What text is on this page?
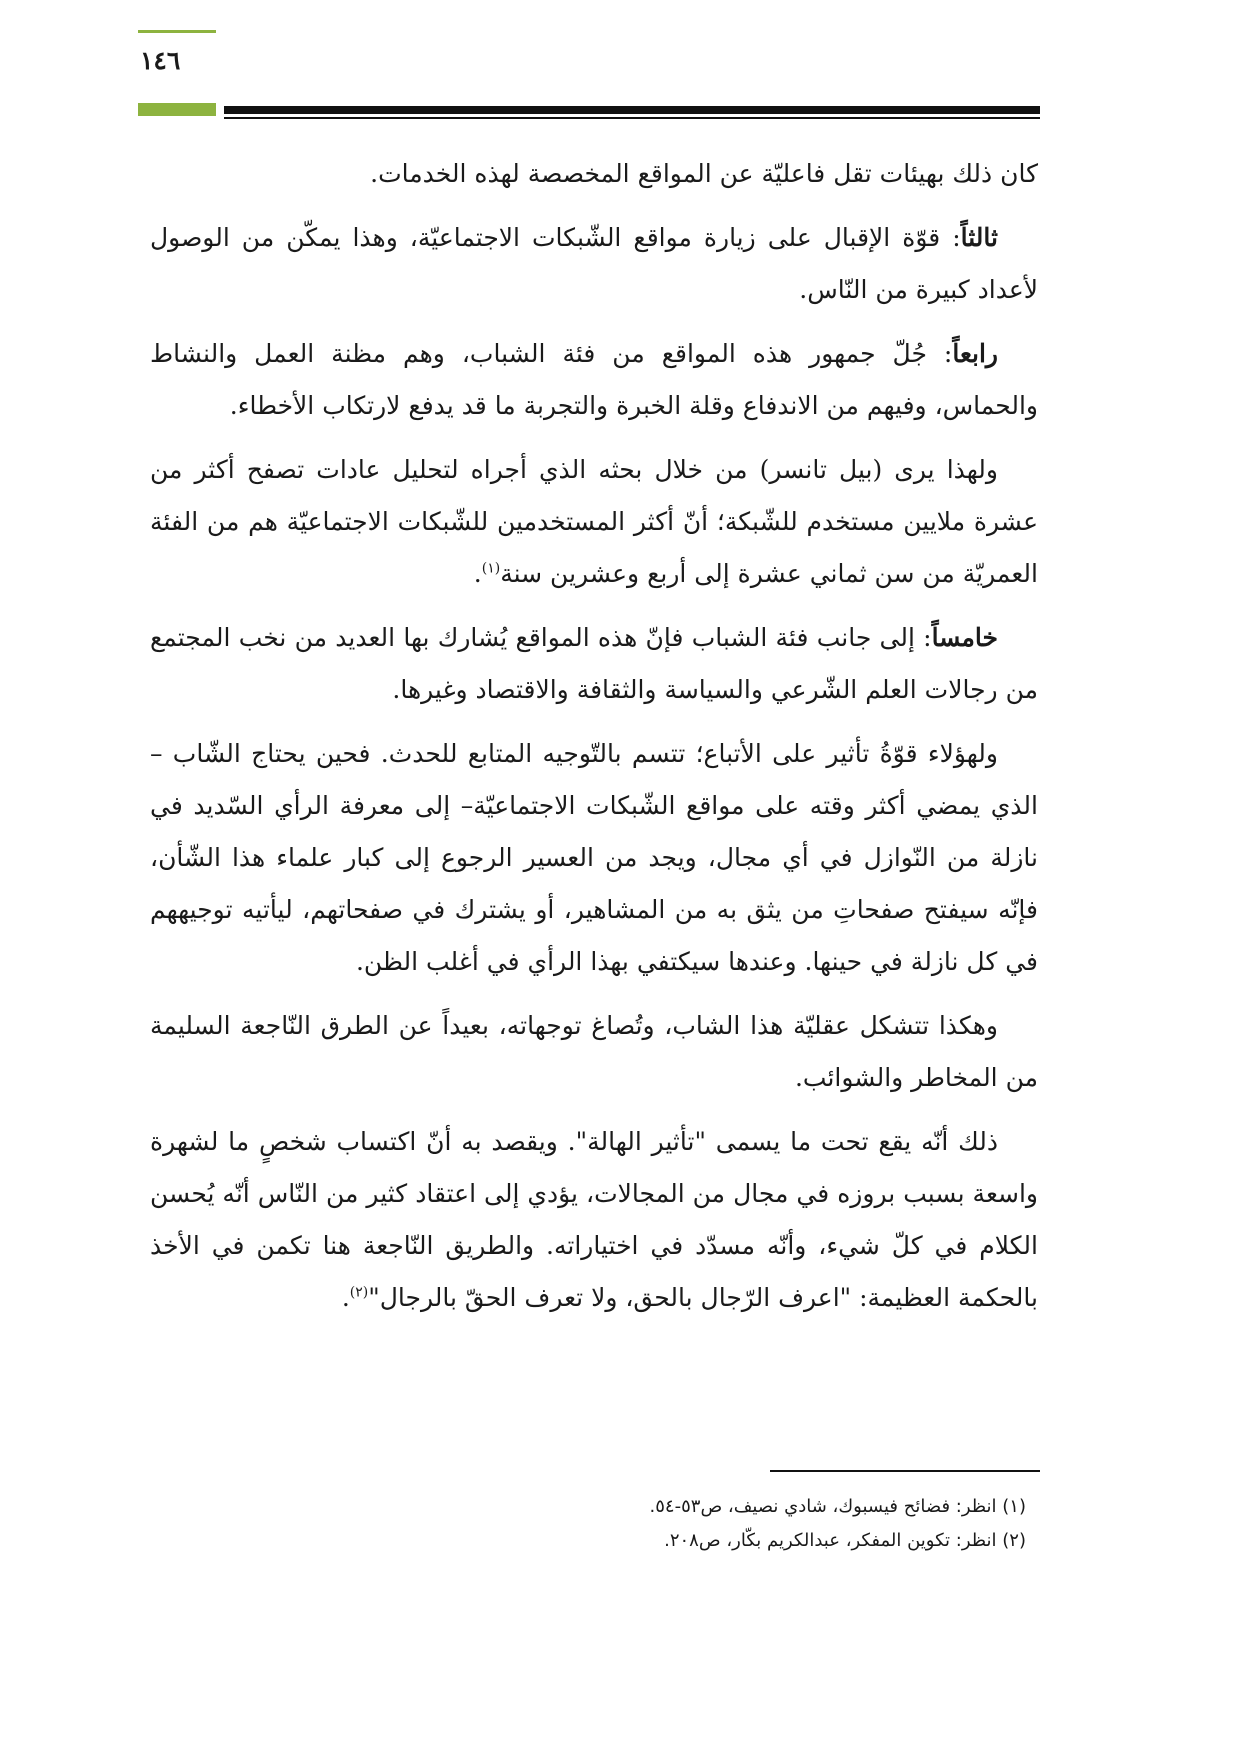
١٤٦

كان ذلك بهيئات تقل فاعليّة عن المواقع المخصصة لهذه الخدمات.

ثالثاً: قوّة الإقبال على زيارة مواقع الشّبكات الاجتماعيّة، وهذا يمكّن من الوصول لأعداد كبيرة من النّاس.

رابعاً: جُلّ جمهور هذه المواقع من فئة الشباب، وهم مظنة العمل والنشاط والحماس، وفيهم من الاندفاع وقلة الخبرة والتجربة ما قد يدفع لارتكاب الأخطاء.

ولهذا يرى (بيل تانسر) من خلال بحثه الذي أجراه لتحليل عادات تصفح أكثر من عشرة ملايين مستخدم للشّبكة؛ أنّ أكثر المستخدمين للشّبكات الاجتماعيّة هم من الفئة العمريّة من سن ثماني عشرة إلى أربع وعشرين سنة$^{(١)}$.

خامساً: إلى جانب فئة الشباب فإنّ هذه المواقع يُشارك بها العديد من نخب المجتمع من رجالات العلم الشّرعي والسياسة والثقافة والاقتصاد وغيرها.

ولهؤلاء قوّةُ تأثير على الأتباع؛ تتسم بالتّوجيه المتابع للحدث. فحين يحتاج الشّاب – الذي يمضي أكثر وقته على مواقع الشّبكات الاجتماعيّة– إلى معرفة الرأي السّديد في نازلة من النّوازل في أي مجال، ويجد من العسير الرجوع إلى كبار علماء هذا الشّأن، فإنّه سيفتح صفحاتِ من يثق به من المشاهير، أو يشترك في صفحاتهم، ليأتيه توجيههم في كل نازلة في حينها. وعندها سيكتفي بهذا الرأي في أغلب الظن.

وهكذا تتشكل عقليّة هذا الشاب، وتُصاغ توجهاته، بعيداً عن الطرق النّاجعة السليمة من المخاطر والشوائب.

ذلك أنّه يقع تحت ما يسمى "تأثير الهالة". ويقصد به أنّ اكتساب شخصٍ ما لشهرة واسعة بسبب بروزه في مجال من المجالات، يؤدي إلى اعتقاد كثير من النّاس أنّه يُحسن الكلام في كلّ شيء، وأنّه مسدّد في اختياراته. والطريق النّاجعة هنا تكمن في الأخذ بالحكمة العظيمة: "اعرف الرّجال بالحق، ولا تعرف الحقّ بالرجال"$^{(٢)}$.

(١) انظر: فضائح فيسبوك، شادي نصيف، ص٥٣-٥٤.

(٢) انظر: تكوين المفكر، عبدالكريم بكّار، ص٢٠٨.
